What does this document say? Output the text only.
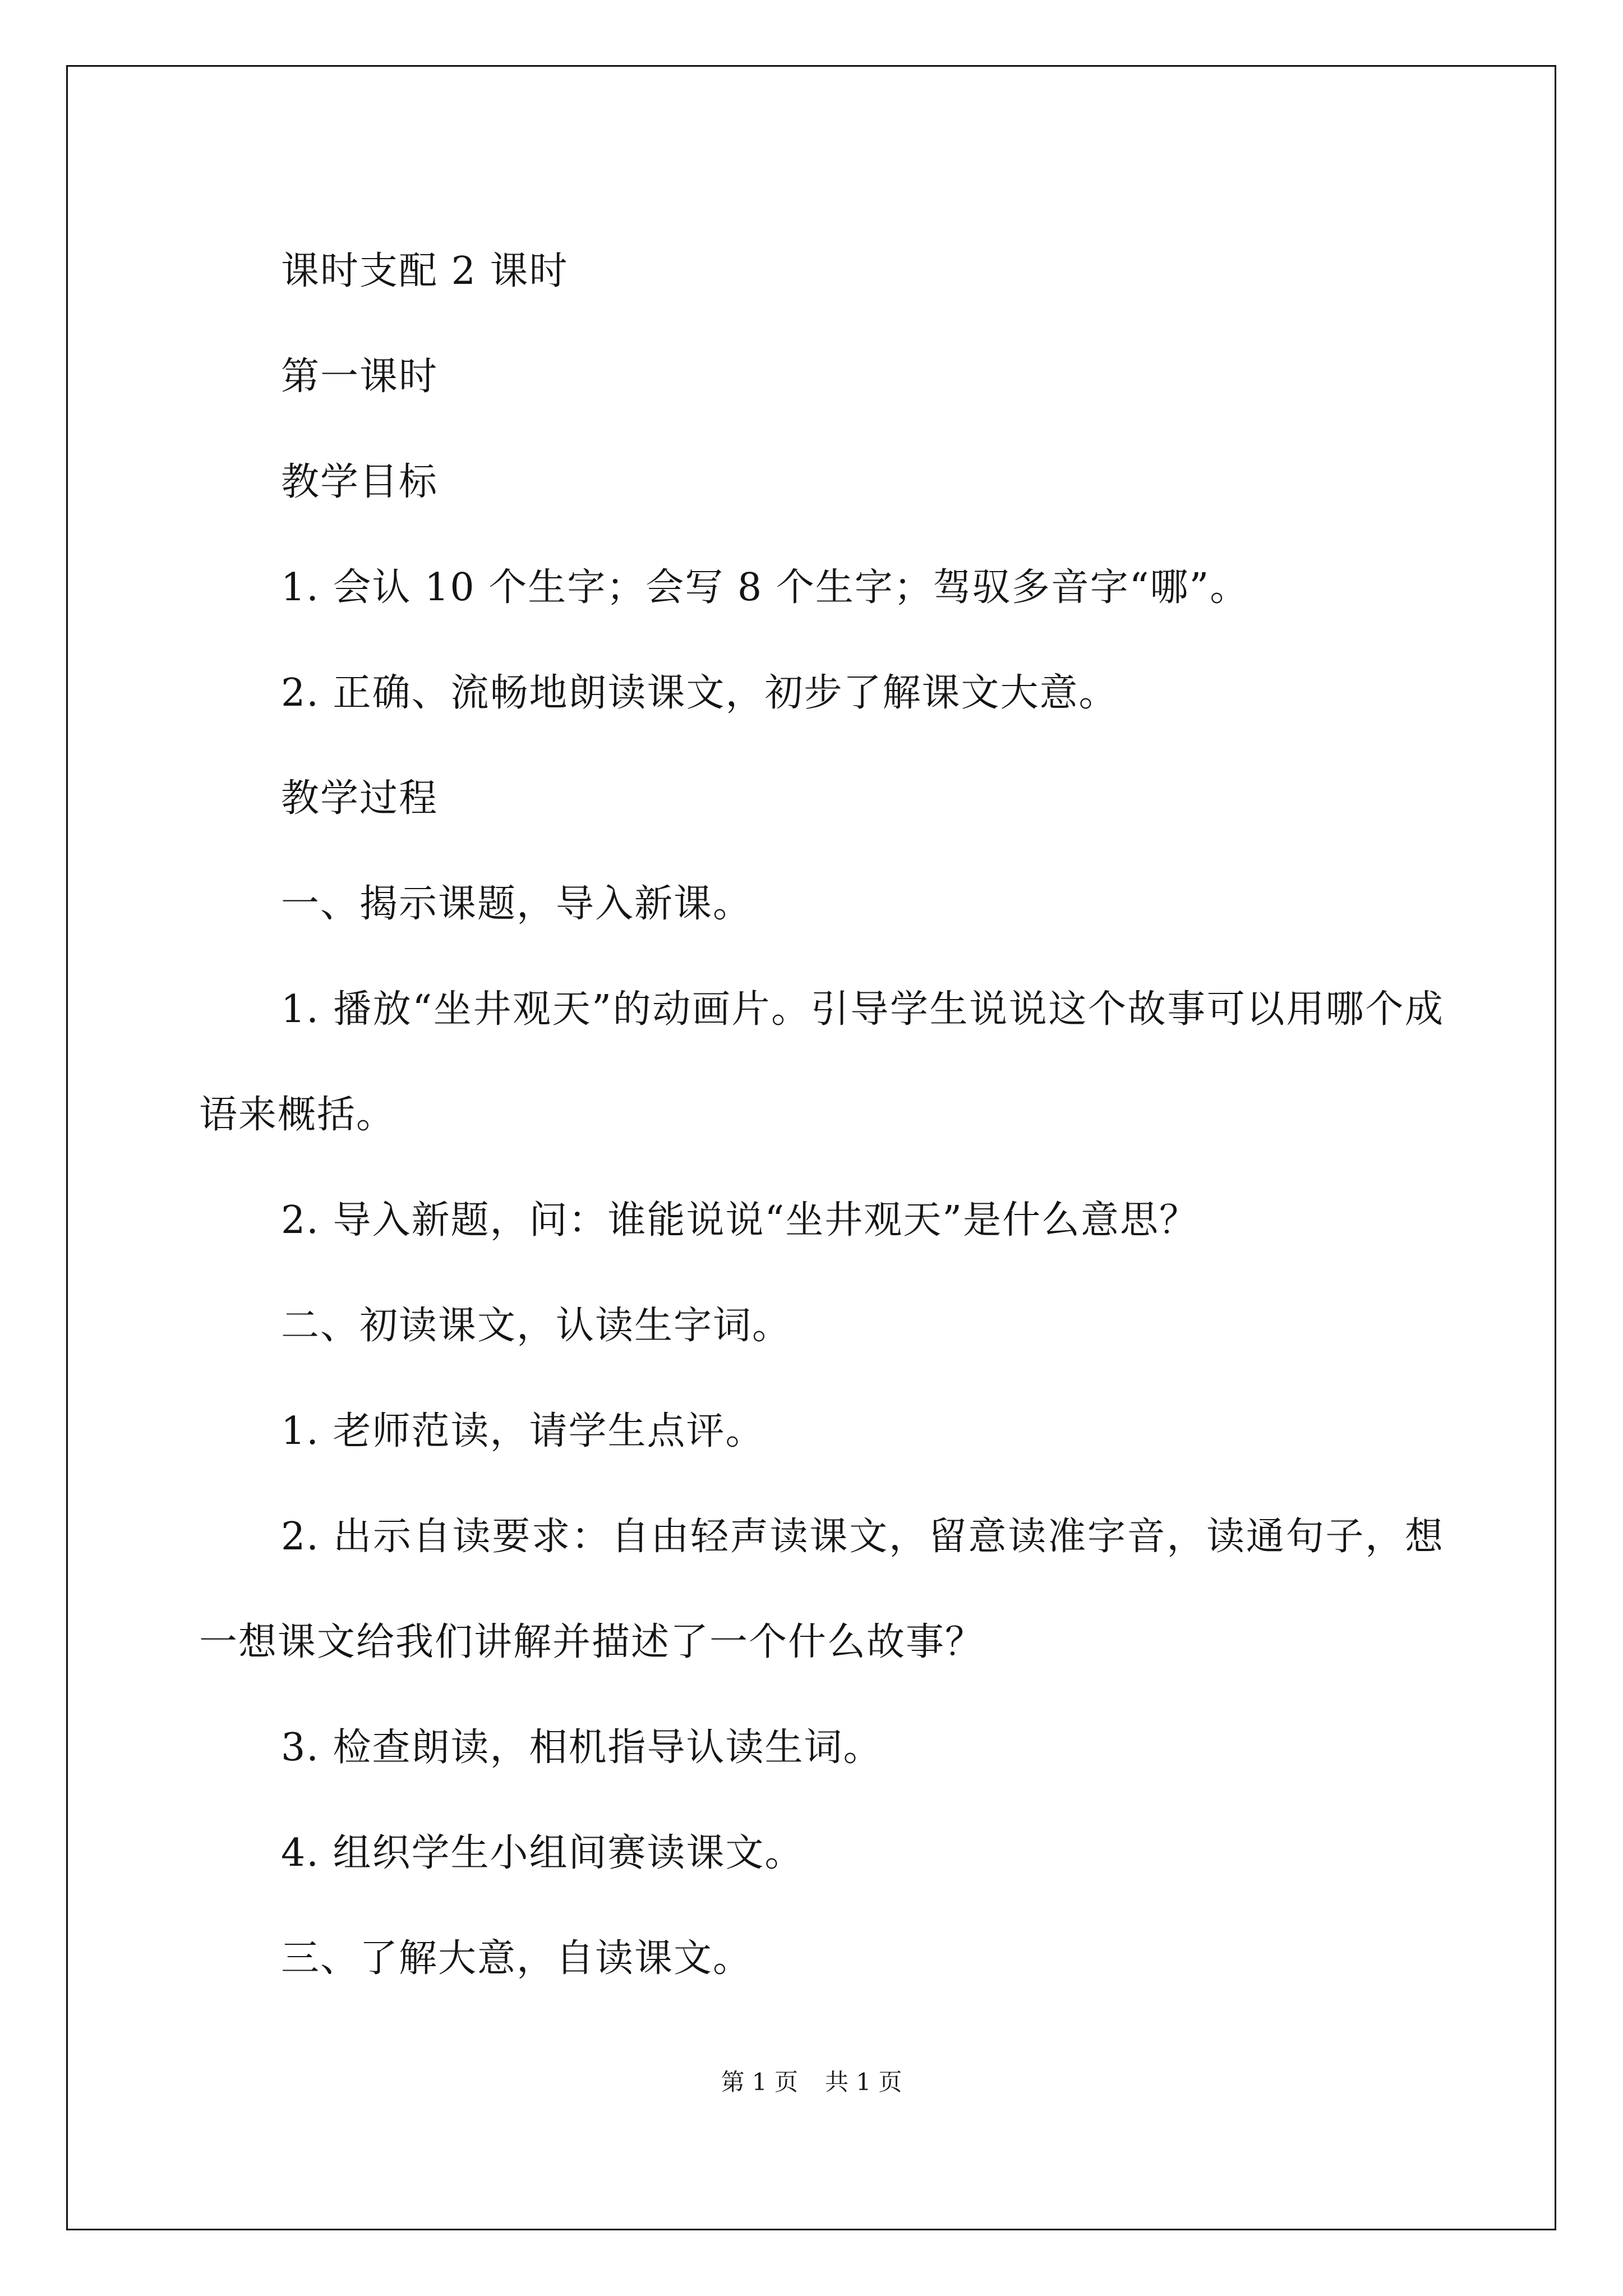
课时支配 2 课时

第一课时

教学目标

1. 会认 10 个生字；会写 8 个生字；驾驭多音字“哪”。

2. 正确、流畅地朗读课文，初步了解课文大意。

教学过程

一、揭示课题，导入新课。

1. 播放“坐井观天”的动画片。引导学生说说这个故事可以用哪个成语来概括。

2. 导入新题，问：谁能说说“坐井观天”是什么意思？

二、初读课文，认读生字词。

1. 老师范读，请学生点评。

2. 出示自读要求：自由轻声读课文，留意读准字音，读通句子，想一想课文给我们讲解并描述了一个什么故事？

3. 检查朗读，相机指导认读生词。

4. 组织学生小组间赛读课文。

三、了解大意，自读课文。

第 1 页 共 1 页
